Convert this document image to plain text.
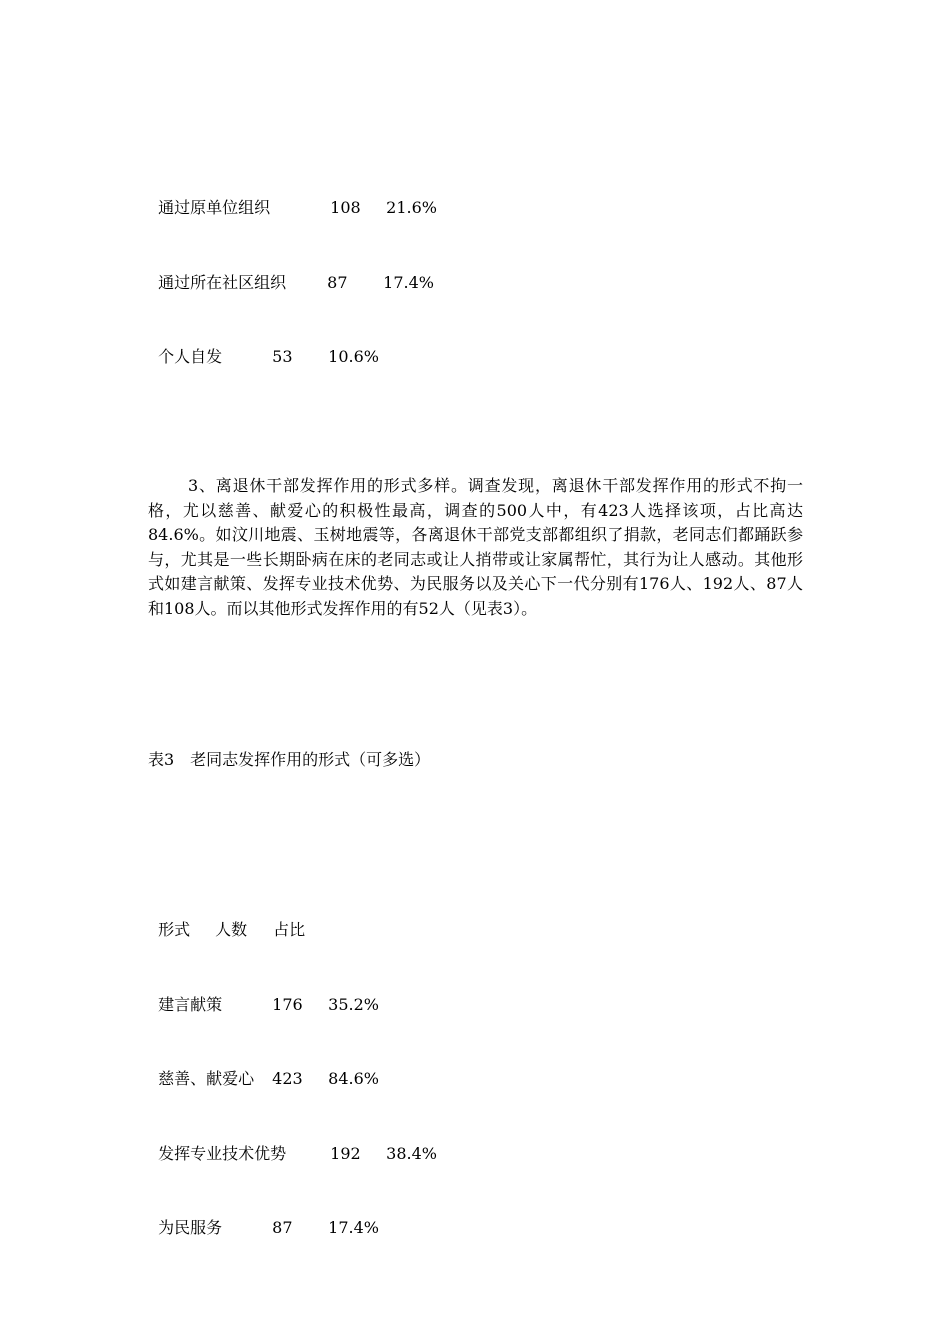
通过原单位组织	108 21.6%

通过所在社区组织	87 17.4%

个人自发	53 10.6%

3、离退休干部发挥作用的形式多样。调查发现，离退休干部发挥作用的形式不拘一格，尤以慈善、献爱心的积极性最高，调查的500人中，有423人选择该项，占比高达84.6%。如汶川地震、玉树地震等，各离退休干部党支部都组织了捐款，老同志们都踊跃参与，尤其是一些长期卧病在床的老同志或让人捎带或让家属帮忙，其行为让人感动。其他形式如建言献策、发挥专业技术优势、为民服务以及关心下一代分别有176人、192人、87人和108人。而以其他形式发挥作用的有52人（见表3）。
表3　老同志发挥作用的形式（可多选）

形式 人数 占比

建言献策	176 35.2%

慈善、献爱心 423 84.6%

发挥专业技术优势	192 38.4%

为民服务	87 17.4%
